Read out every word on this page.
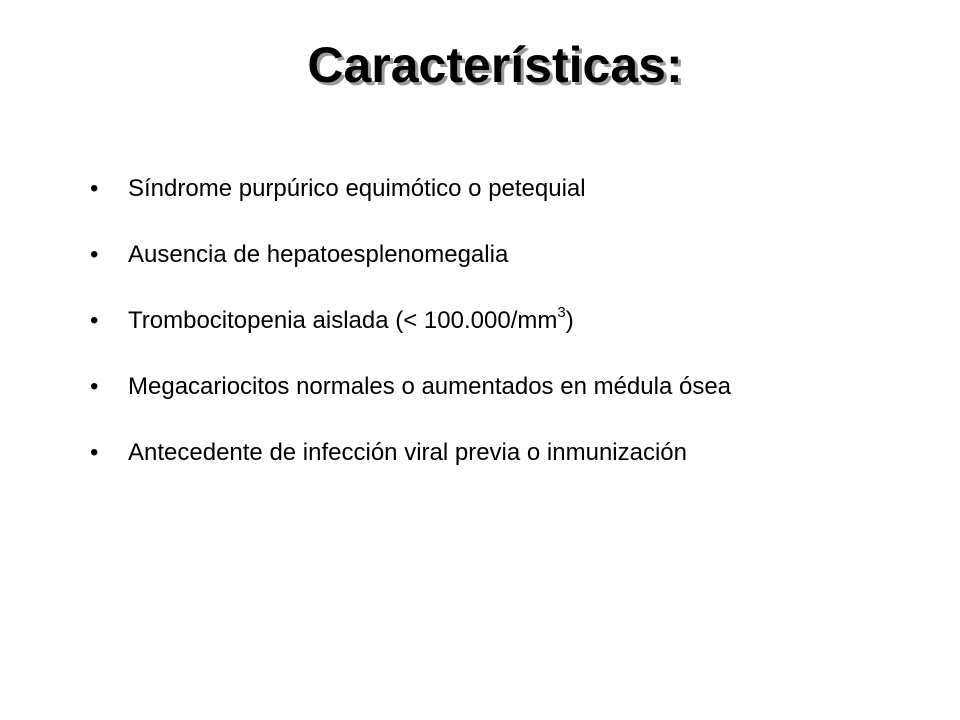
Características:
•	Síndrome purpúrico equimótico o petequial
•	Ausencia de hepatoesplenomegalia
•	Trombocitopenia aislada (< $100.000/mm^3$)
•	Megacariocitos normales o aumentados en médula ósea
•	Antecedente de infección viral previa o inmunización
